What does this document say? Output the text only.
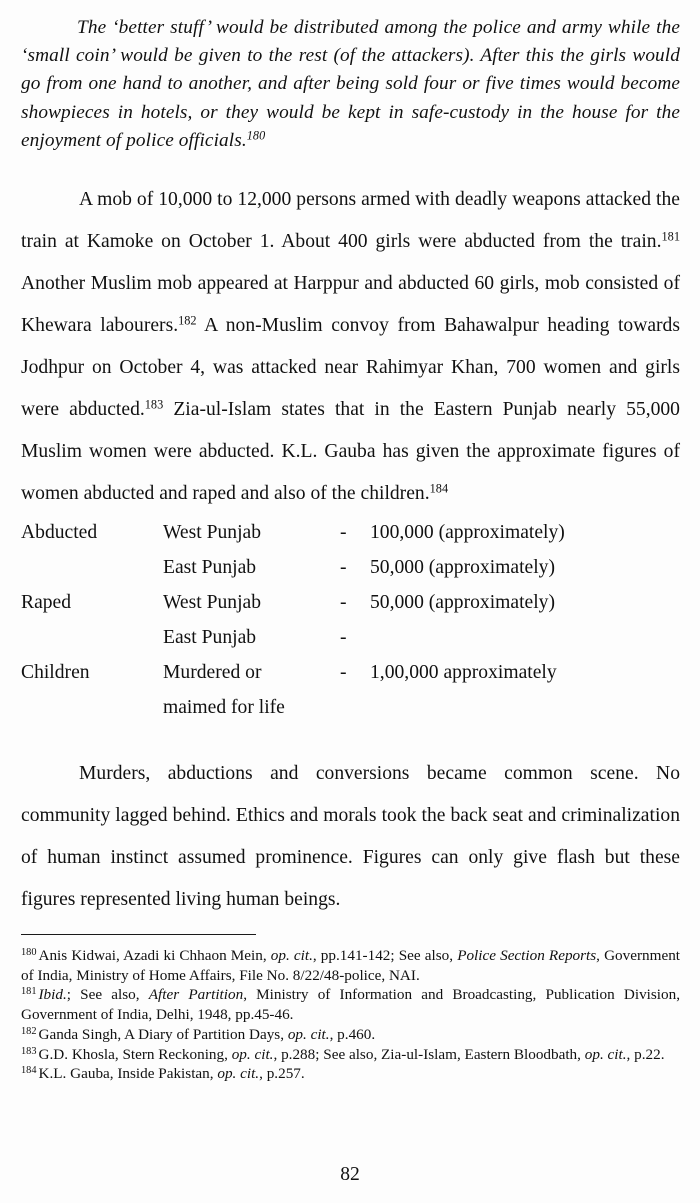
The ‘better stuff’ would be distributed among the police and army while the ‘small coin’ would be given to the rest (of the attackers). After this the girls would go from one hand to another, and after being sold four or five times would become showpieces in hotels, or they would be kept in safe-custody in the house for the enjoyment of police officials.$^{180}$

A mob of 10,000 to 12,000 persons armed with deadly weapons attacked the train at Kamoke on October 1. About 400 girls were abducted from the train.$^{181}$ Another Muslim mob appeared at Harppur and abducted 60 girls, mob consisted of Khewara labourers.$^{182}$ A non-Muslim convoy from Bahawalpur heading towards Jodhpur on October 4, was attacked near Rahimyar Khan, 700 women and girls were abducted.$^{183}$ Zia-ul-Islam states that in the Eastern Punjab nearly 55,000 Muslim women were abducted. K.L. Gauba has given the approximate figures of women abducted and raped and also of the children.$^{184}$

Abducted	West Punjab	-	100,000 (approximately)
	East Punjab	-	50,000 (approximately)
Raped	West Punjab	-	50,000 (approximately)
	East Punjab	-	
Children	Murdered or	-	1,00,000 approximately
	maimed for life		

Murders, abductions and conversions became common scene. No community lagged behind. Ethics and morals took the back seat and criminalization of human instinct assumed prominence. Figures can only give flash but these figures represented living human beings.

$^{180}$ Anis Kidwai, Azadi ki Chhaon Mein, op. cit., pp.141-142; See also, Police Section Reports, Government of India, Ministry of Home Affairs, File No. 8/22/48-police, NAI.

$^{181}$ Ibid.; See also, After Partition, Ministry of Information and Broadcasting, Publication Division, Government of India, Delhi, 1948, pp.45-46.

$^{182}$ Ganda Singh, A Diary of Partition Days, op. cit., p.460.

$^{183}$ G.D. Khosla, Stern Reckoning, op. cit., p.288; See also, Zia-ul-Islam, Eastern Bloodbath, op. cit., p.22.

$^{184}$ K.L. Gauba, Inside Pakistan, op. cit., p.257.

82
